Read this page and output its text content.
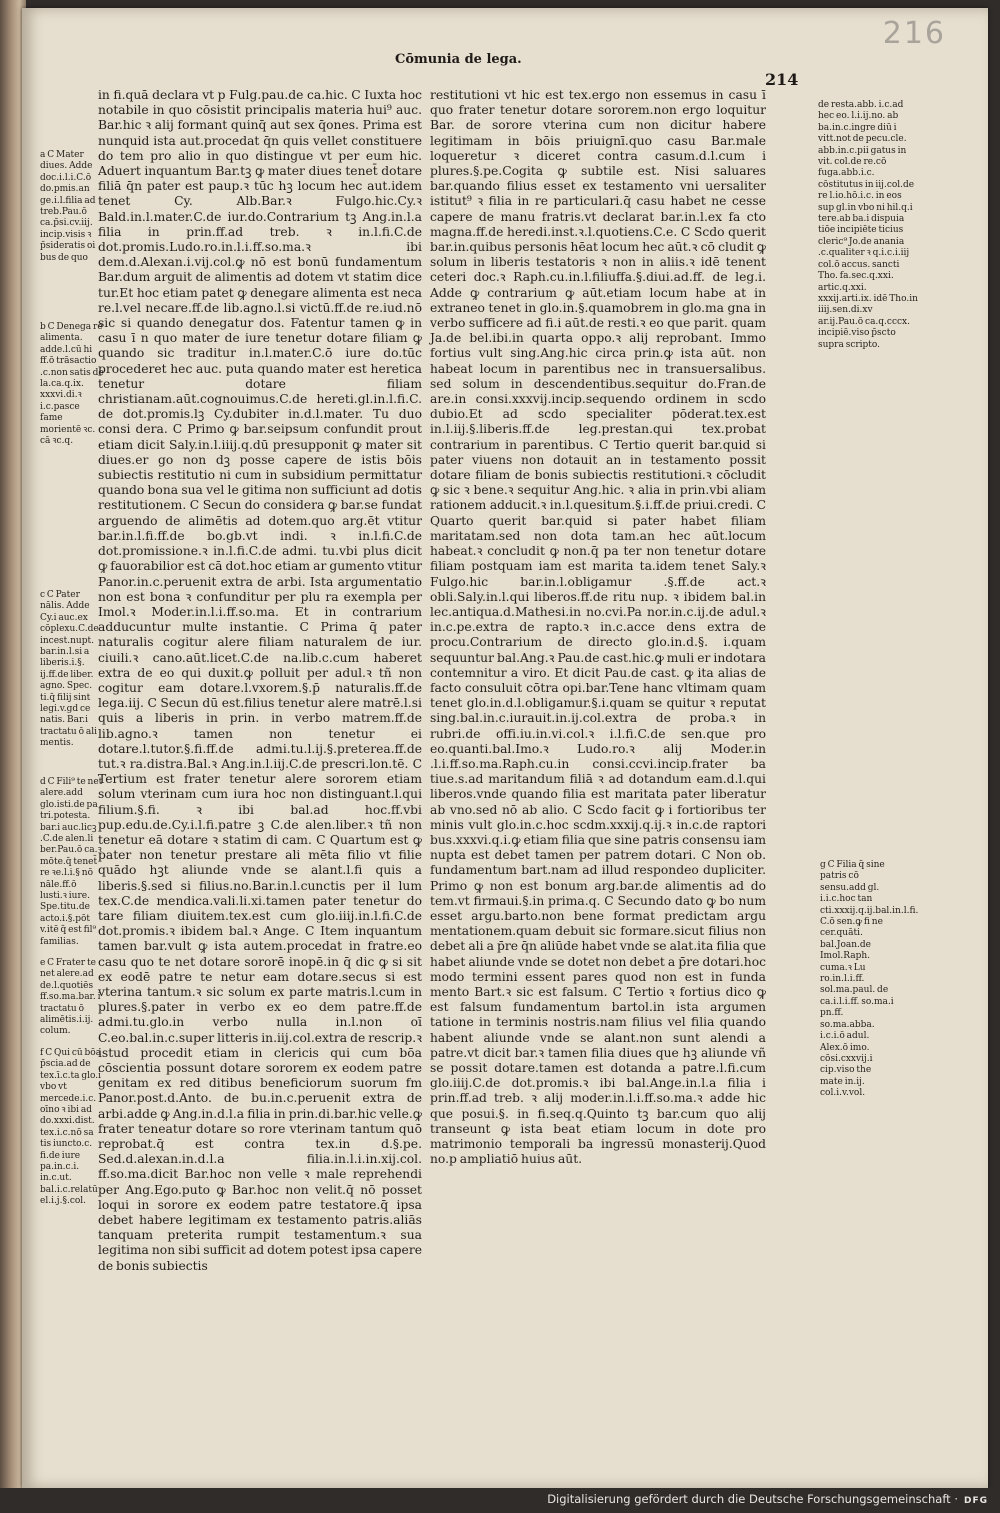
216
Cōmunia de lega.
214
a C Mater diues. Adde doc.i.l.i.C.ō do.pmis.an ge.i.l.filia ad treb.Pau.ō ca.p̄si.cv.iij. incip.visis ꝛ p̄sideratis oi bus de quo
b C Denega re alimenta. adde.l.cū hi ff.ō trāsactio .c.non satis de la.ca.q.ix. xxxvi.di.ꝛ i.c.pasce fame morientē ꝛc. cā ꝛc.q.
c C Pater nālis. Adde Cy.i auc.ex cōplexu.C.de incest.nupt. bar.in.l.si a liberis.i.§. ij.ff.de liber. agno. Spec. ti.q̄ filij sint legi.v.gd ce natis. Bar.i tractatu ō ali mentis.
d C Fili⁹ te net alere.add glo.isti.de pa tri.potesta. bar.i auc.licꝫ .C.de alen.li ber.Pau.ō ca.ꝛ mōte.q̄ tenet̄ re ꝛe.l.i.§ nō nāle.ff.ō lusti.ꝛ iure. Spe.titu.de acto.i.§.pōt v.itē q̄ est fil⁹ familias.
e C Frater te net alere.ad de.l.quotiēs ff.so.ma.bar. i tractatu ō alimētis.i.ij. colum.
f C Qui cū bōa p̄scia.ad de tex.ī.c.ta glo.i vbo vt mercede.i.c. oīno ꝛ ibi ad do.xxxi.dist. tex.i.c.nō sa tis iuncto.c. fi.de iure pa.in.c.i. in.c.ut. bal.i.c.relatū el.i.j.§.col.
in fi.quā declara vt p Fulg.pau.de ca.hic. C Iuxta hoc notabile in quo cōsistit principalis materia hui⁹ auc. Bar.hic ꝛ alij formant quinq̄ aut sex q̄ones. Prima est nunquid ista aut.procedat q̄n quis vellet constituere do tem pro alio in quo distingue vt per eum hic. Aduert inquantum Bar.tꝫ ꝙ mater diues tenet̄ dotare filiā q̄n pater est paup.ꝛ tūc hꝫ locum hec aut.idem tenet Cy. Alb.Bar.ꝛ Fulgo.hic.Cy.ꝛ Bald.in.l.mater.C.de iur.do.Contrarium tꝫ Ang.in.l.a filia in prin.ff.ad treb. ꝛ in.l.fi.C.de dot.promis.Ludo.ro.in.l.i.ff.so.ma.ꝛ ibi dem.d.Alexan.i.vij.col.ꝙ nō est bonū fundamentum Bar.dum arguit de alimentis ad dotem vt statim dice tur.Et hoc etiam patet ꝙ denegare alimenta est neca re.l.vel necare.ff.de lib.agno.l.si victū.ff.de re.iud.nō sic si quando denegatur dos. Fatentur tamen ꝙ in casu ī n quo mater de iure tenetur dotare filiam ꝙ quando sic traditur in.l.mater.C.ō iure do.tūc procederet hec auc. puta quando mater est heretica tenetur dotare filiam christianam.aūt.cognouimus.C.de hereti.gl.in.l.fi.C. de dot.promis.lꝫ Cy.dubiter in.d.l.mater. Tu duo consi dera. C Primo ꝙ bar.seipsum confundit prout etiam dicit Saly.in.l.iiij.q.dū presupponit ꝙ mater sit diues.er go non dꝫ posse capere de istis bōis subiectis restitutio ni cum in subsidium permittatur quando bona sua vel le gitima non sufficiunt ad dotis restitutionem. C Secun do considera ꝙ bar.se fundat arguendo de alimētis ad dotem.quo arg.ēt vtitur bar.in.l.fi.ff.de bo.gb.vt indi. ꝛ in.l.fi.C.de dot.promissione.ꝛ in.l.fi.C.de admi. tu.vbi plus dicit ꝙ fauorabilior est cā dot.hoc etiam ar gumento vtitur Panor.in.c.peruenit extra de arbi. Ista argumentatio non est bona ꝛ confunditur per plu ra exempla per Imol.ꝛ Moder.in.l.i.ff.so.ma. Et in contrarium adducuntur multe instantie. C Prima q̄ pater naturalis cogitur alere filiam naturalem de iur. ciuili.ꝛ cano.aūt.licet.C.de na.lib.c.cum haberet extra de eo qui duxit.ꝙ polluit per adul.ꝛ tñ non cogitur eam dotare.l.vxorem.§.p̄ naturalis.ff.de lega.iij. C Secun dū est.filius tenetur alere matrē.l.si quis a liberis in prin. in verbo matrem.ff.de lib.agno.ꝛ tamen non tenetur ei dotare.l.tutor.§.fi.ff.de admi.tu.l.ij.§.preterea.ff.de tut.ꝛ ra.distra.Bal.ꝛ Ang.in.l.iij.C.de prescri.lon.tē. C Tertium est frater tenetur alere sororem etiam solum vterinam cum iura hoc non distinguant.l.qui filium.§.fi. ꝛ ibi bal.ad hoc.ff.vbi pup.edu.de.Cy.i.l.fi.patre ꝫ C.de alen.liber.ꝛ tñ non tenetur eā dotare ꝛ statim di cam. C Quartum est ꝙ pater non tenetur prestare ali mēta filio vt filie quādo hꝫt aliunde vnde se alant.l.fi quis a liberis.§.sed si filius.no.Bar.in.l.cunctis per il lum tex.C.de mendica.vali.li.xi.tamen pater tenetur do tare filiam diuitem.tex.est cum glo.iiij.in.l.fi.C.de dot.promis.ꝛ ibidem bal.ꝛ Ange. C Item inquantum tamen bar.vult ꝙ ista autem.procedat in fratre.eo casu quo te net dotare sororē inopē.in q̄ dic ꝙ si sit ex eodē patre te netur eam dotare.secus si est vterina tantum.ꝛ sic solum ex parte matris.l.cum in plures.§.pater in verbo ex eo dem patre.ff.de admi.tu.glo.in verbo nulla in.l.non oī C.eo.bal.in.c.super litteris in.iij.col.extra de rescrip.ꝛ istud procedit etiam in clericis qui cum bōa cōscientia possunt dotare sororem ex eodem patre genitam ex red ditibus beneficiorum suorum fm Panor.post.d.Anto. de bu.in.c.peruenit extra de arbi.adde ꝙ Ang.in.d.l.a filia in prin.di.bar.hic velle.ꝙ frater teneatur dotare so rore vterinam tantum quō reprobat.q̄ est contra tex.in d.§.pe. Sed.d.alexan.in.d.l.a filia.in.l.i.in.xij.col. ff.so.ma.dicit Bar.hoc non velle ꝛ male reprehendi per Ang.Ego.puto ꝙ Bar.hoc non velit.q̄ nō posset loqui in sorore ex eodem patre testatore.q̄ ipsa debet habere legitimam ex testamento patris.aliās tanquam preterita rumpit testamentum.ꝛ sua legitima non sibi sufficit ad dotem potest ipsa capere de bonis subiectis
restitutioni vt hic est tex.ergo non essemus in casu ī quo frater tenetur dotare sororem.non ergo loquitur Bar. de sorore vterina cum non dicitur habere legitimam in bōis priuignī.quo casu Bar.male loqueretur ꝛ diceret contra casum.d.l.cum i plures.§.pe.Cogita ꝙ subtile est. Nisi saluares bar.quando filius esset ex testamento vni uersaliter istitut⁹ ꝛ filia in re particulari.q̄ casu habet ne cesse capere de manu fratris.vt declarat bar.in.l.ex fa cto magna.ff.de heredi.inst.ꝛ.l.quotiens.C.e. C Scdo querit bar.in.quibus personis hēat locum hec aūt.ꝛ cō cludit ꝙ solum in liberis testatoris ꝛ non in aliis.ꝛ idē tenent ceteri doc.ꝛ Raph.cu.in.l.filiuffa.§.diui.ad.ff. de leg.i. Adde ꝙ contrarium ꝙ aūt.etiam locum habe at in extraneo tenet in glo.in.§.quamobrem in glo.ma gna in verbo sufficere ad fi.i aūt.de resti.ꝛ eo que parit. quam Ja.de bel.ibi.in quarta oppo.ꝛ alij reprobant. Immo fortius vult sing.Ang.hic circa prin.ꝙ ista aūt. non habeat locum in parentibus nec in transuersalibus. sed solum in descendentibus.sequitur do.Fran.de are.in consi.xxxvij.incip.sequendo ordinem in scdo dubio.Et ad scdo specialiter pōderat.tex.est in.l.iij.§.liberis.ff.de leg.prestan.qui tex.probat contrarium in parentibus. C Tertio querit bar.quid si pater viuens non dotauit an in testamento possit dotare filiam de bonis subiectis restitutioni.ꝛ cōcludit ꝙ sic ꝛ bene.ꝛ sequitur Ang.hic. ꝛ alia in prin.vbi aliam rationem adducit.ꝛ in.l.quesitum.§.i.ff.de priui.credi. C Quarto querit bar.quid si pater habet filiam maritatam.sed non dota tam.an hec aūt.locum habeat.ꝛ concludit ꝙ non.q̄ pa ter non tenetur dotare filiam postquam iam est marita ta.idem tenet Saly.ꝛ Fulgo.hic bar.in.l.obligamur .§.ff.de act.ꝛ obli.Saly.in.l.qui liberos.ff.de ritu nup. ꝛ ibidem bal.in lec.antiqua.d.Mathesi.in no.cvi.Pa nor.in.c.ij.de adul.ꝛ in.c.pe.extra de rapto.ꝛ in.c.acce dens extra de procu.Contrarium de directo glo.in.d.§. i.quam sequuntur bal.Ang.ꝛ Pau.de cast.hic.ꝙ muli er indotara contemnitur a viro. Et dicit Pau.de cast. ꝙ ita alias de facto consuluit cōtra opi.bar.Tene hanc vltimam quam tenet glo.in.d.l.obligamur.§.i.quam se quitur ꝛ reputat sing.bal.in.c.iurauit.in.ij.col.extra de proba.ꝛ in rubri.de offi.iu.in.vi.col.ꝛ i.l.fi.C.de sen.que pro eo.quanti.bal.Imo.ꝛ Ludo.ro.ꝛ alij Moder.in .l.i.ff.so.ma.Raph.cu.in consi.ccvi.incip.frater ba tiue.s.ad maritandum filiā ꝛ ad dotandum eam.d.l.qui liberos.vnde quando filia est maritata pater liberatur ab vno.sed nō ab alio. C Scdo facit ꝙ i fortioribus ter minis vult glo.in.c.hoc scdm.xxxij.q.ij.ꝛ in.c.de raptori bus.xxxvi.q.i.ꝙ etiam filia que sine patris consensu iam nupta est debet tamen per patrem dotari. C Non ob. fundamentum bart.nam ad illud respondeo dupliciter. Primo ꝙ non est bonum arg.bar.de alimentis ad do tem.vt firmaui.§.in prima.q. C Secundo dato ꝙ bo num esset argu.barto.non bene format predictam argu mentationem.quam debuit sic formare.sicut filius non debet ali a p̄re q̄n aliūde habet vnde se alat.ita filia que habet aliunde vnde se dotet non debet a p̄re dotari.hoc modo termini essent pares quod non est in funda mento Bart.ꝛ sic est falsum. C Tertio ꝛ fortius dico ꝙ est falsum fundamentum bartol.in ista argumen tatione in terminis nostris.nam filius vel filia quando habent aliunde vnde se alant.non sunt alendi a patre.vt dicit bar.ꝛ tamen filia diues que hꝫ aliunde vñ se possit dotare.tamen est dotanda a patre.l.fi.cum glo.iiij.C.de dot.promis.ꝛ ibi bal.Ange.in.l.a filia i prin.ff.ad treb. ꝛ alij moder.in.l.i.ff.so.ma.ꝛ adde hic que posui.§. in fi.seq.q.Quinto tꝫ bar.cum quo alij transeunt ꝙ ista beat etiam locum in dote pro matrimonio temporali ba ingressū monasterij.Quod no.p ampliatiō huius aūt.
de resta.abb. i.c.ad hec eo. l.i.ij.no. ab ba.in.c.ingre diū i vitt.not de pecu.cle. abb.in.c.pii gatus in vit. col.de re.cō fuga.abb.i.c. cōstitutus in iij.col.de re l.io.hō.i.c. in eos sup gl.in vbo ni hil.q.i tere.ab ba.i dispuia tiōe incipiēte ticius cleric⁹ Jo.de anania .c.qualiter ꝛ q.i.c.i.iij col.ō accus. sancti Tho. fa.sec.q.xxi. artic.q.xxi. xxxij.arti.ix. idē Tho.in iiij.sen.di.xv ar.ij.Pau.ō ca.q.cccx. incipiē.viso p̄scto supra scripto.
g C Filia q̄ sine patris cō sensu.add gl. i.i.c.hoc tan cti.xxxij.q.ij.bal.in.l.fi. C.ō sen.ꝙ fi ne cer.quāti. bal.Joan.de Imol.Raph. cuma.ꝛ Lu ro.in.l.i.ff. sol.ma.paul. de ca.i.l.i.ff. so.ma.i pn.ff. so.ma.abba. i.c.i.ō adul. Alex.ō imo. cōsi.cxxvij.i cip.viso the mate in.ij. col.i.v.vol.
Digitalisierung gefördert durch die Deutsche Forschungsgemeinschaft · DFG
